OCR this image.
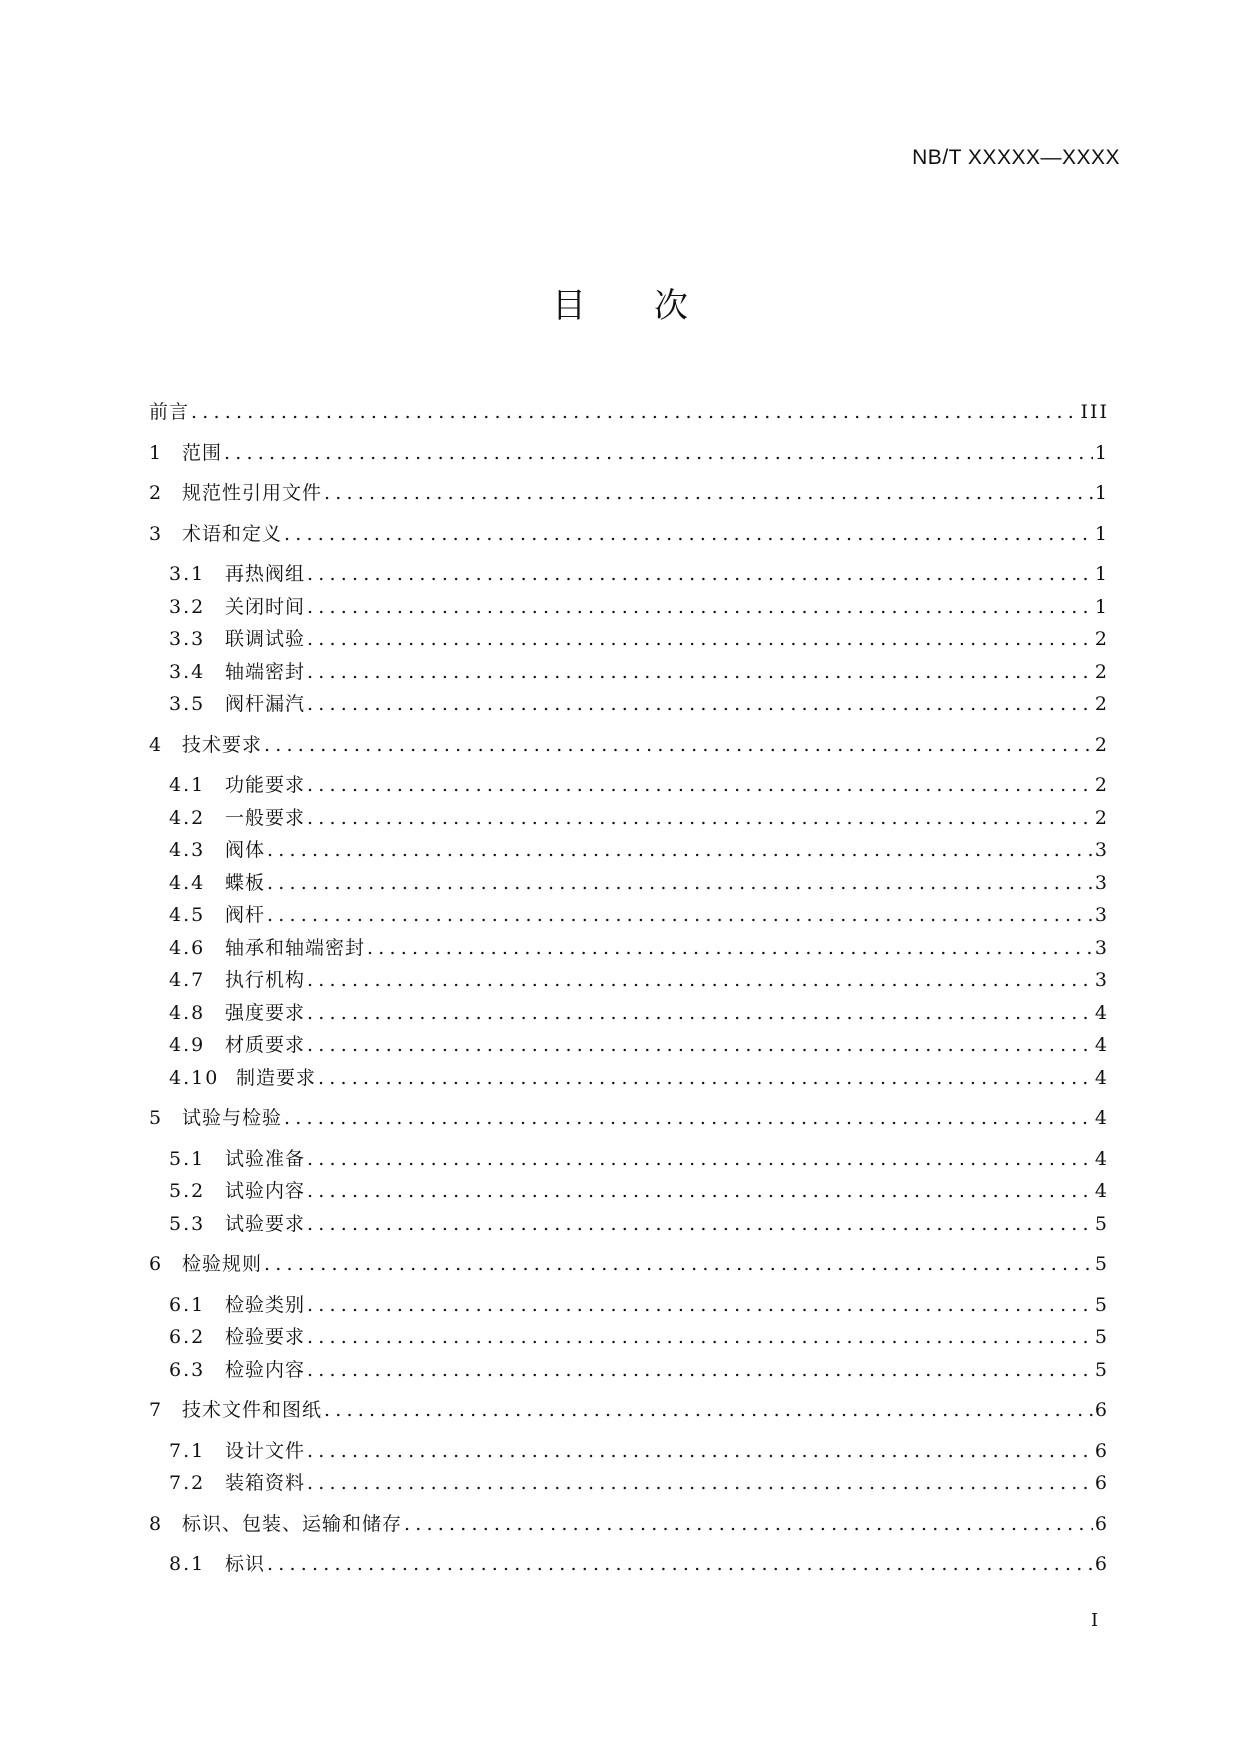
NB/T XXXXX—XXXX
目 次
前言 .....	III
1 范围 .....	1
2 规范性引用文件 .....	1
3 术语和定义 .....	1
3.1	再热阀组 .....	1
3.2	关闭时间 .....	1
3.3	联调试验 .....	2
3.4	轴端密封 .....	2
3.5	阀杆漏汽 .....	2
4 技术要求 .....	2
4.1	功能要求 .....	2
4.2	一般要求 .....	2
4.3	阀体 .....	3
4.4	蝶板 .....	3
4.5	阀杆 .....	3
4.6	轴承和轴端密封 .....	3
4.7	执行机构 .....	3
4.8	强度要求 .....	4
4.9	材质要求 .....	4
4.10 制造要求 .....	4
5 试验与检验 .....	4
5.1	试验准备 .....	4
5.2	试验内容 .....	4
5.3	试验要求 .....	5
6 检验规则 .....	5
6.1	检验类别 .....	5
6.2	检验要求 .....	5
6.3	检验内容 .....	5
7 技术文件和图纸 .....	6
7.1	设计文件 .....	6
7.2	装箱资料 .....	6
8 标识、包装、运输和储存 .....	6
8.1	标识 .....	6
I
